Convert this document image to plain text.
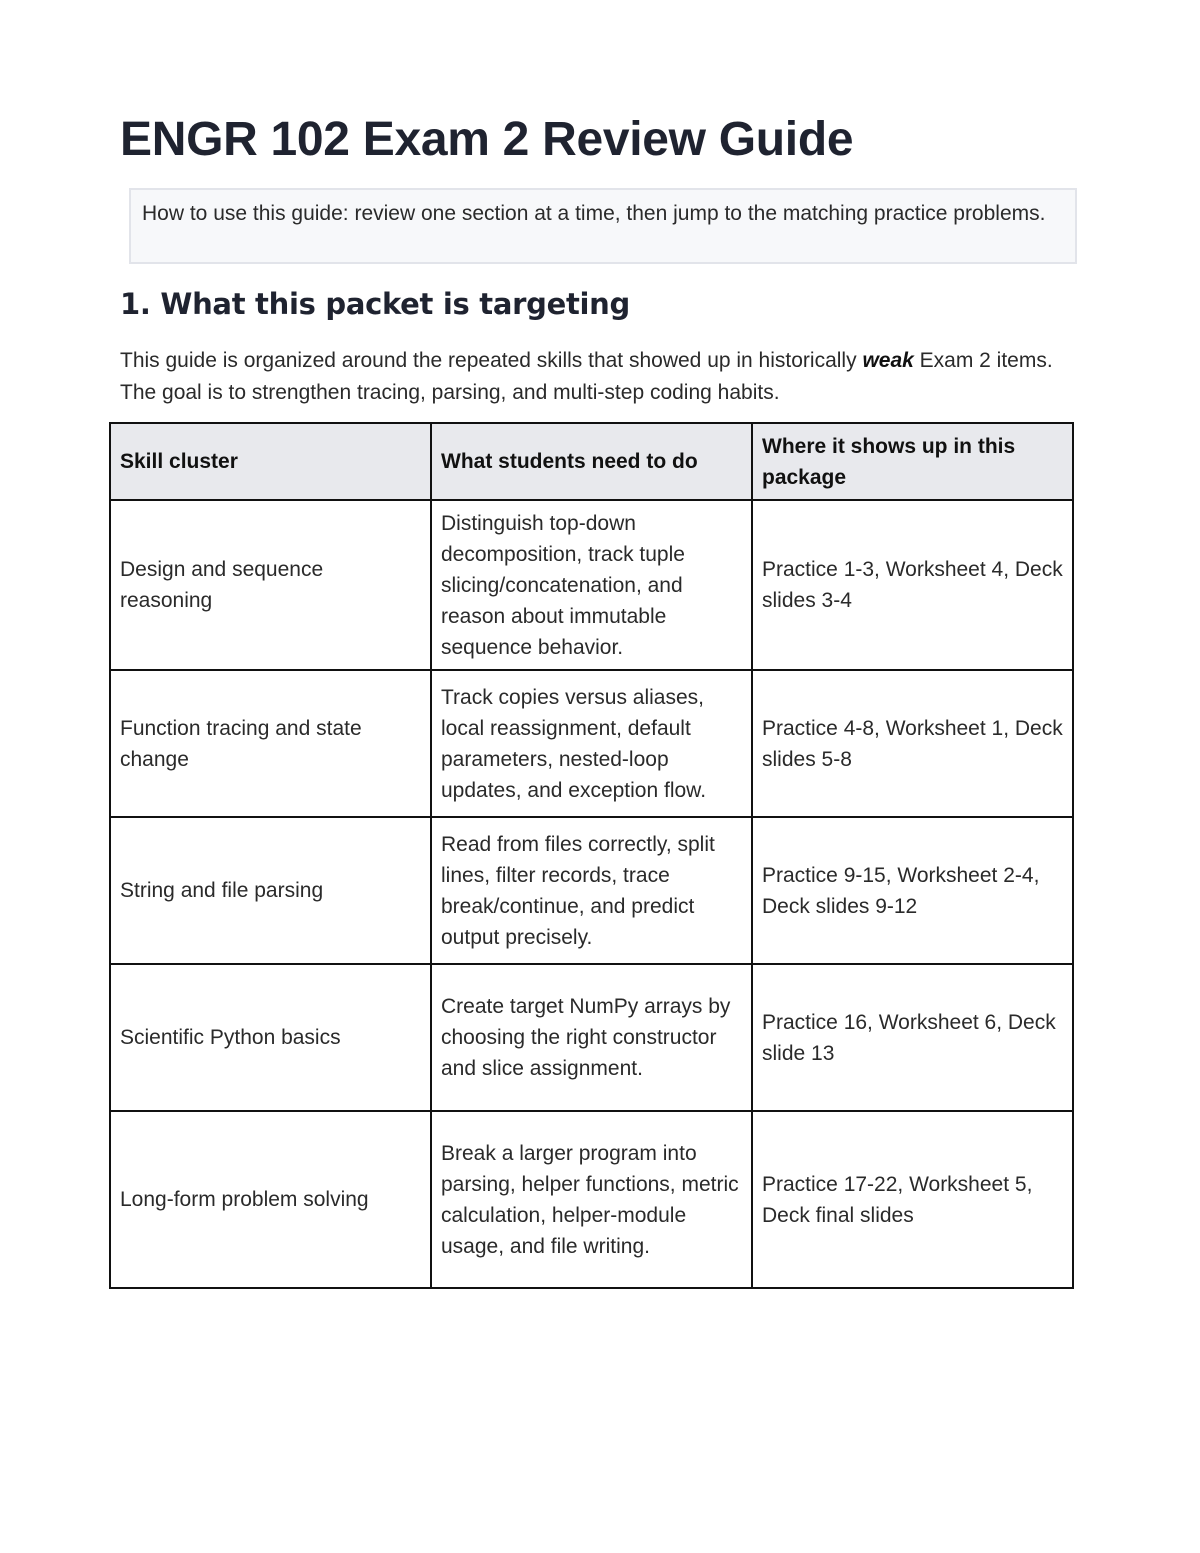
ENGR 102 Exam 2 Review Guide
How to use this guide: review one section at a time, then jump to the matching practice problems.
1. What this packet is targeting

This guide is organized around the repeated skills that showed up in historically weak Exam 2 items. The goal is to strengthen tracing, parsing, and multi-step coding habits.

Skill cluster	What students need to do	Where it shows up in this package
Design and sequence reasoning	Distinguish top-down decomposition, track tuple slicing/concatenation, and reason about immutable sequence behavior.	Practice 1-3, Worksheet 4, Deck slides 3-4
Function tracing and state change	Track copies versus aliases, local reassignment, default parameters, nested-loop updates, and exception flow.	Practice 4-8, Worksheet 1, Deck slides 5-8
String and file parsing	Read from files correctly, split lines, filter records, trace break/continue, and predict output precisely.	Practice 9-15, Worksheet 2-4, Deck slides 9-12
Scientific Python basics	Create target NumPy arrays by choosing the right constructor and slice assignment.	Practice 16, Worksheet 6, Deck slide 13
Long-form problem solving	Break a larger program into parsing, helper functions, metric calculation, helper-module usage, and file writing.	Practice 17-22, Worksheet 5, Deck final slides
